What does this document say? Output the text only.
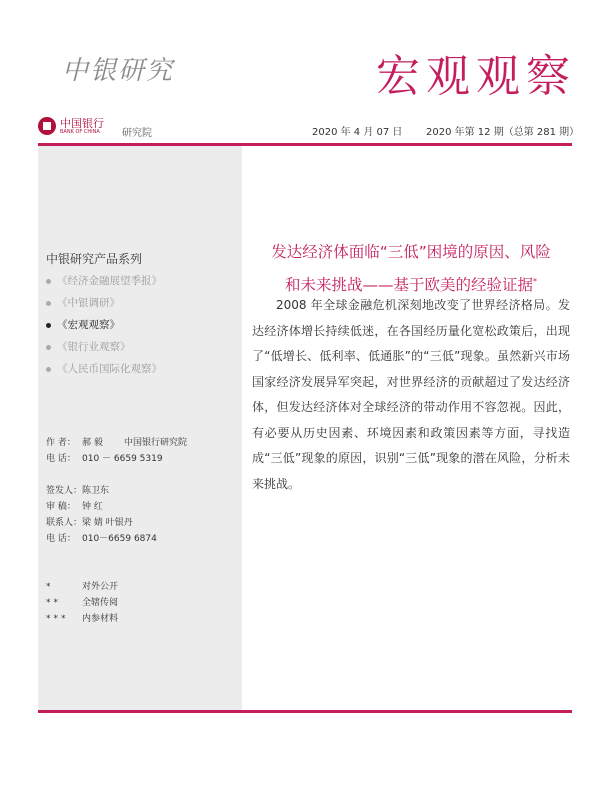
中银研究	宏观观察
中国银行
BANK OF CHINA	研究院	2020 年 4 月 07 日 2020 年第 12 期（总第 281 期）
中银研究产品系列
《经济金融展望季报》
《中银调研》
《宏观观察》
《银行业观察》
《人民币国际化观察》
作 者： 郝 毅 中国银行研究院
电 话： 010 － 6659 5319
签发人：陈卫东
审 稿： 钟 红
联系人：梁 婧 叶银丹
电 话： 010－6659 6874
*	对外公开
**	全辖传阅
***	内参材料
发达经济体面临“三低”困境的原因、风险
和未来挑战——基于欧美的经验证据*

2008 年全球金融危机深刻地改变了世界经济格局。发达经济体增长持续低迷，在各国经历量化宽松政策后，出现了“低增长、低利率、低通胀”的“三低”现象。虽然新兴市场国家经济发展异军突起，对世界经济的贡献超过了发达经济体，但发达经济体对全球经济的带动作用不容忽视。因此，有必要从历史因素、环境因素和政策因素等方面，寻找造成“三低”现象的原因，识别“三低”现象的潜在风险，分析未来挑战。
